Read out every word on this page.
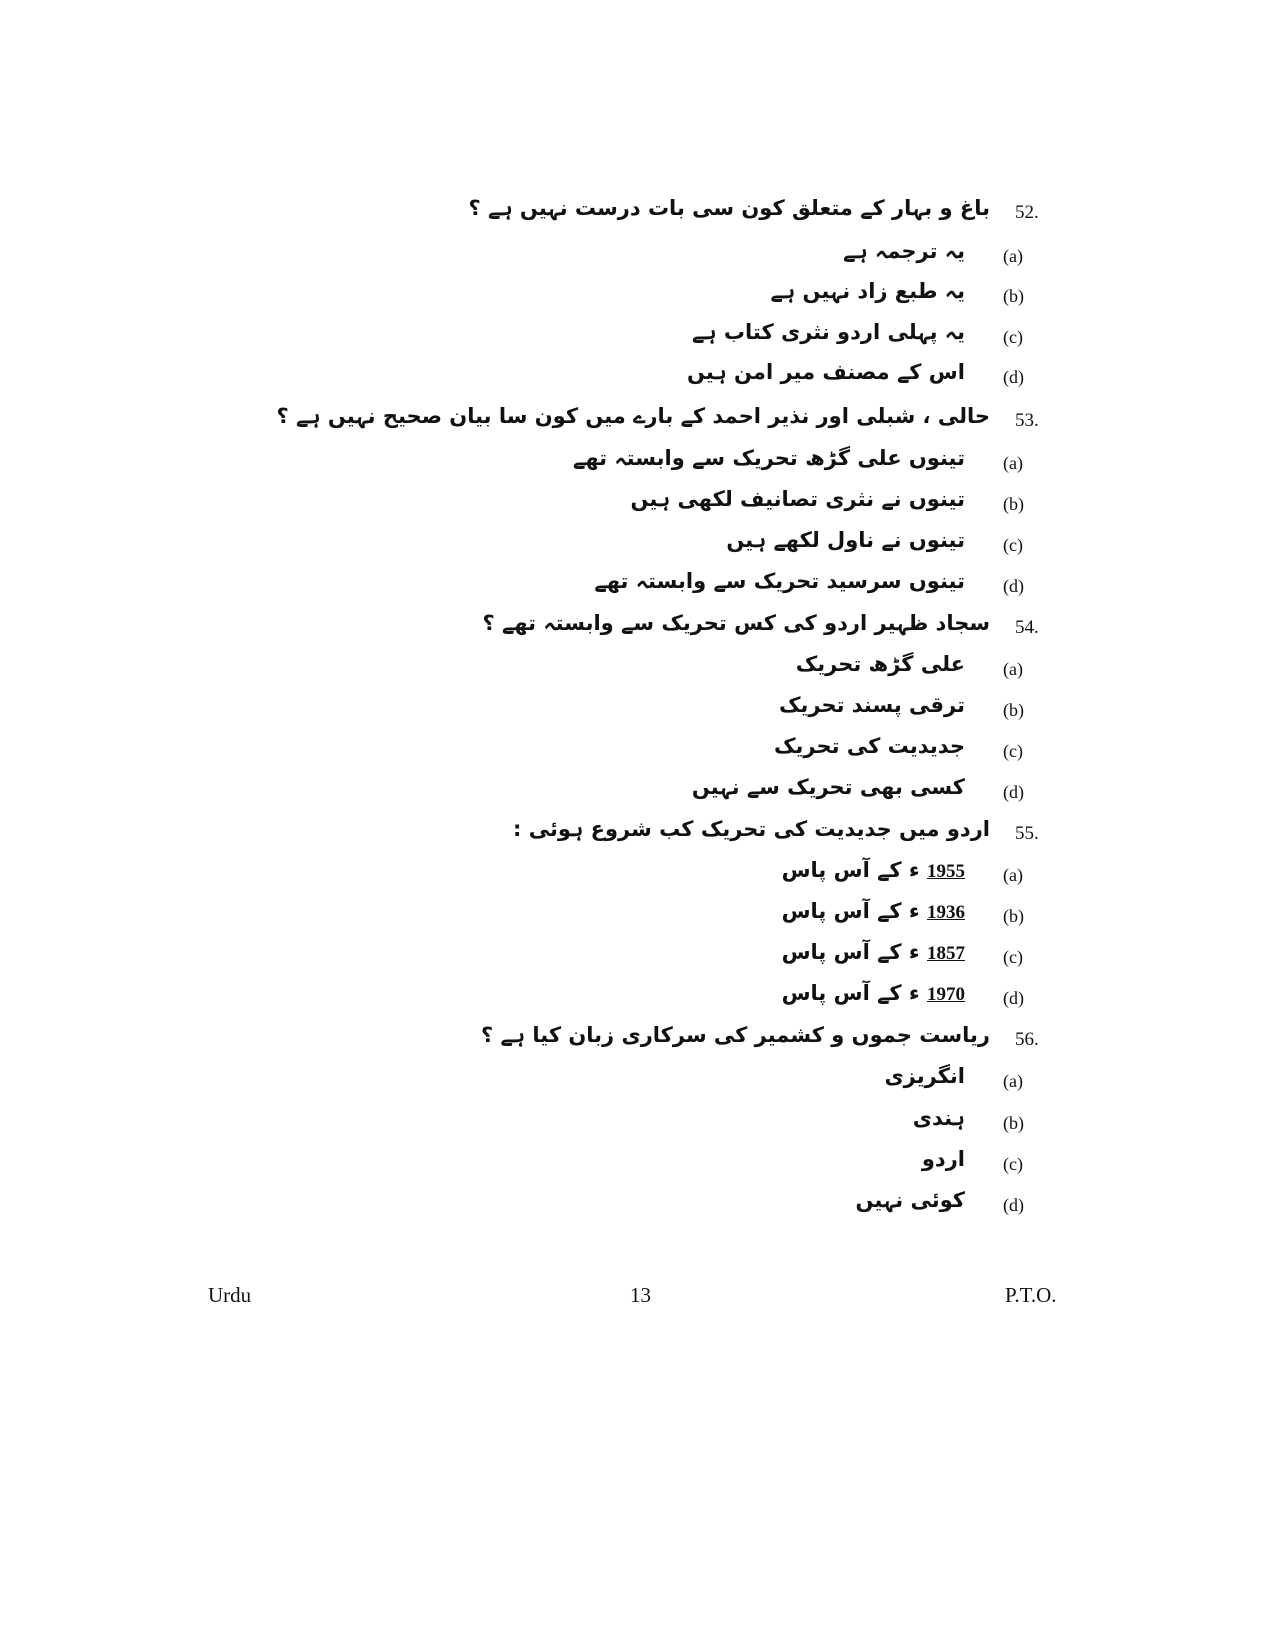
52.
باغ و بہار کے متعلق کون سی بات درست نہیں ہے ؟
(a)
یہ ترجمہ ہے
(b)
یہ طبع زاد نہیں ہے
(c)
یہ پہلی اردو نثری کتاب ہے
(d)
اس کے مصنف میر امن ہیں
53.
حالی ، شبلی اور نذیر احمد کے بارے میں کون سا بیان صحیح نہیں ہے ؟
(a)
تینوں علی گڑھ تحریک سے وابستہ تھے
(b)
تینوں نے نثری تصانیف لکھی ہیں
(c)
تینوں نے ناول لکھے ہیں
(d)
تینوں سرسید تحریک سے وابستہ تھے
54.
سجاد ظہیر اردو کی کس تحریک سے وابستہ تھے ؟
(a)
علی گڑھ تحریک
(b)
ترقی پسند تحریک
(c)
جدیدیت کی تحریک
(d)
کسی بھی تحریک سے نہیں
55.
اردو میں جدیدیت کی تحریک کب شروع ہوئی :
(a)
1955 ء کے آس پاس
(b)
1936 ء کے آس پاس
(c)
1857 ء کے آس پاس
(d)
1970 ء کے آس پاس
56.
ریاست جموں و کشمیر کی سرکاری زبان کیا ہے ؟
(a)
انگریزی
(b)
ہندی
(c)
اردو
(d)
کوئی نہیں
Urdu	13	P.T.O.
